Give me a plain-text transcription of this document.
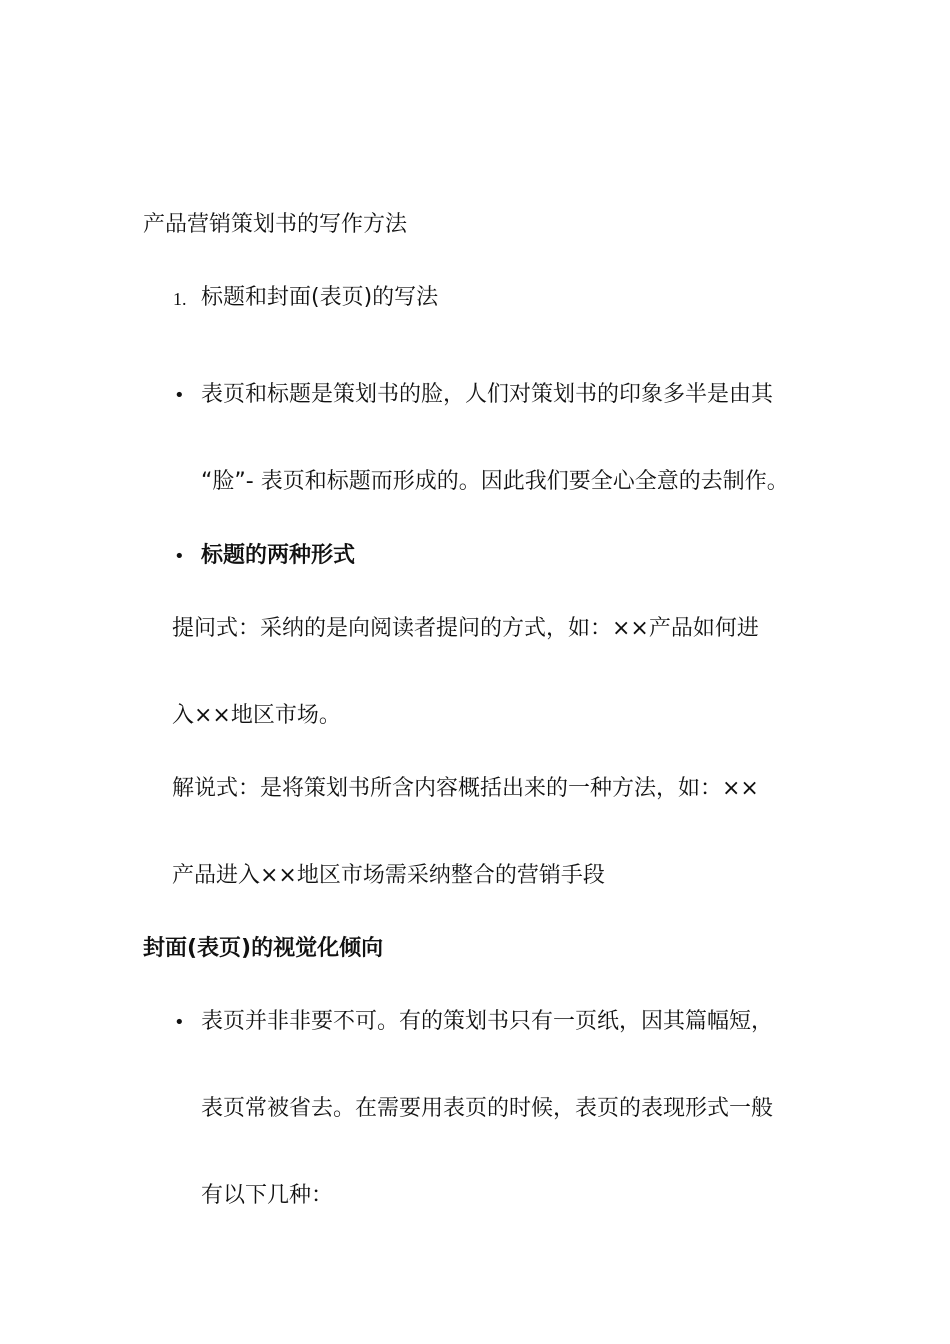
产品营销策划书的写作方法

1. 标题和封面(表页)的写法
• 表页和标题是策划书的脸，人们对策划书的印象多半是由其
“脸”- 表页和标题而形成的。因此我们要全心全意的去制作。
• 标题的两种形式
提问式：采纳的是向阅读者提问的方式，如：××产品如何进
入××地区市场。
解说式：是将策划书所含内容概括出来的一种方法，如：××
产品进入××地区市场需采纳整合的营销手段

封面(表页)的视觉化倾向

• 表页并非非要不可。有的策划书只有一页纸，因其篇幅短，
表页常被省去。在需要用表页的时候，表页的表现形式一般
有以下几种：
